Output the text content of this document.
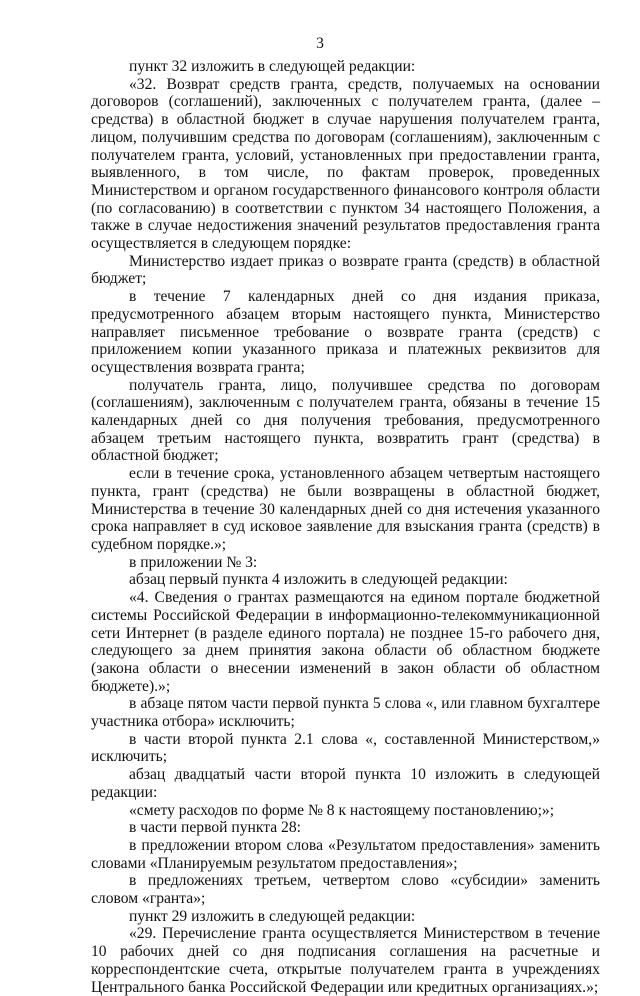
3

пункт 32 изложить в следующей редакции:

«32. Возврат средств гранта, средств, получаемых на основании договоров (соглашений), заключенных с получателем гранта, (далее – средства) в областной бюджет в случае нарушения получателем гранта, лицом, получившим средства по договорам (соглашениям), заключенным с получателем гранта, условий, установленных при предоставлении гранта, выявленного, в том числе, по фактам проверок, проведенных Министерством и органом государственного финансового контроля области (по согласованию) в соответствии с пунктом 34 настоящего Положения, а также в случае недостижения значений результатов предоставления гранта осуществляется в следующем порядке:

Министерство издает приказ о возврате гранта (средств) в областной бюджет;

в течение 7 календарных дней со дня издания приказа, предусмотренного абзацем вторым настоящего пункта, Министерство направляет письменное требование о возврате гранта (средств) с приложением копии указанного приказа и платежных реквизитов для осуществления возврата гранта;

получатель гранта, лицо, получившее средства по договорам (соглашениям), заключенным с получателем гранта, обязаны в течение 15 календарных дней со дня получения требования, предусмотренного абзацем третьим настоящего пункта, возвратить грант (средства) в областной бюджет;

если в течение срока, установленного абзацем четвертым настоящего пункта, грант (средства) не были возвращены в областной бюджет, Министерства в течение 30 календарных дней со дня истечения указанного срока направляет в суд исковое заявление для взыскания гранта (средств) в судебном порядке.»;

в приложении № 3:

абзац первый пункта 4 изложить в следующей редакции:

«4. Сведения о грантах размещаются на едином портале бюджетной системы Российской Федерации в информационно-телекоммуникационной сети Интернет (в разделе единого портала) не позднее 15-го рабочего дня, следующего за днем принятия закона области об областном бюджете (закона области о внесении изменений в закон области об областном бюджете).»;

в абзаце пятом части первой пункта 5 слова «, или главном бухгалтере участника отбора» исключить;

в части второй пункта 2.1 слова «, составленной Министерством,» исключить;

абзац двадцатый части второй пункта 10 изложить в следующей редакции:

«смету расходов по форме № 8 к настоящему постановлению;»;

в части первой пункта 28:

в предложении втором слова «Результатом предоставления» заменить словами «Планируемым результатом предоставления»;

в предложениях третьем, четвертом слово «субсидии» заменить словом «гранта»;

пункт 29 изложить в следующей редакции:

«29. Перечисление гранта осуществляется Министерством в течение 10 рабочих дней со дня подписания соглашения на расчетные и корреспондентские счета, открытые получателем гранта в учреждениях Центрального банка Российской Федерации или кредитных организациях.»;
